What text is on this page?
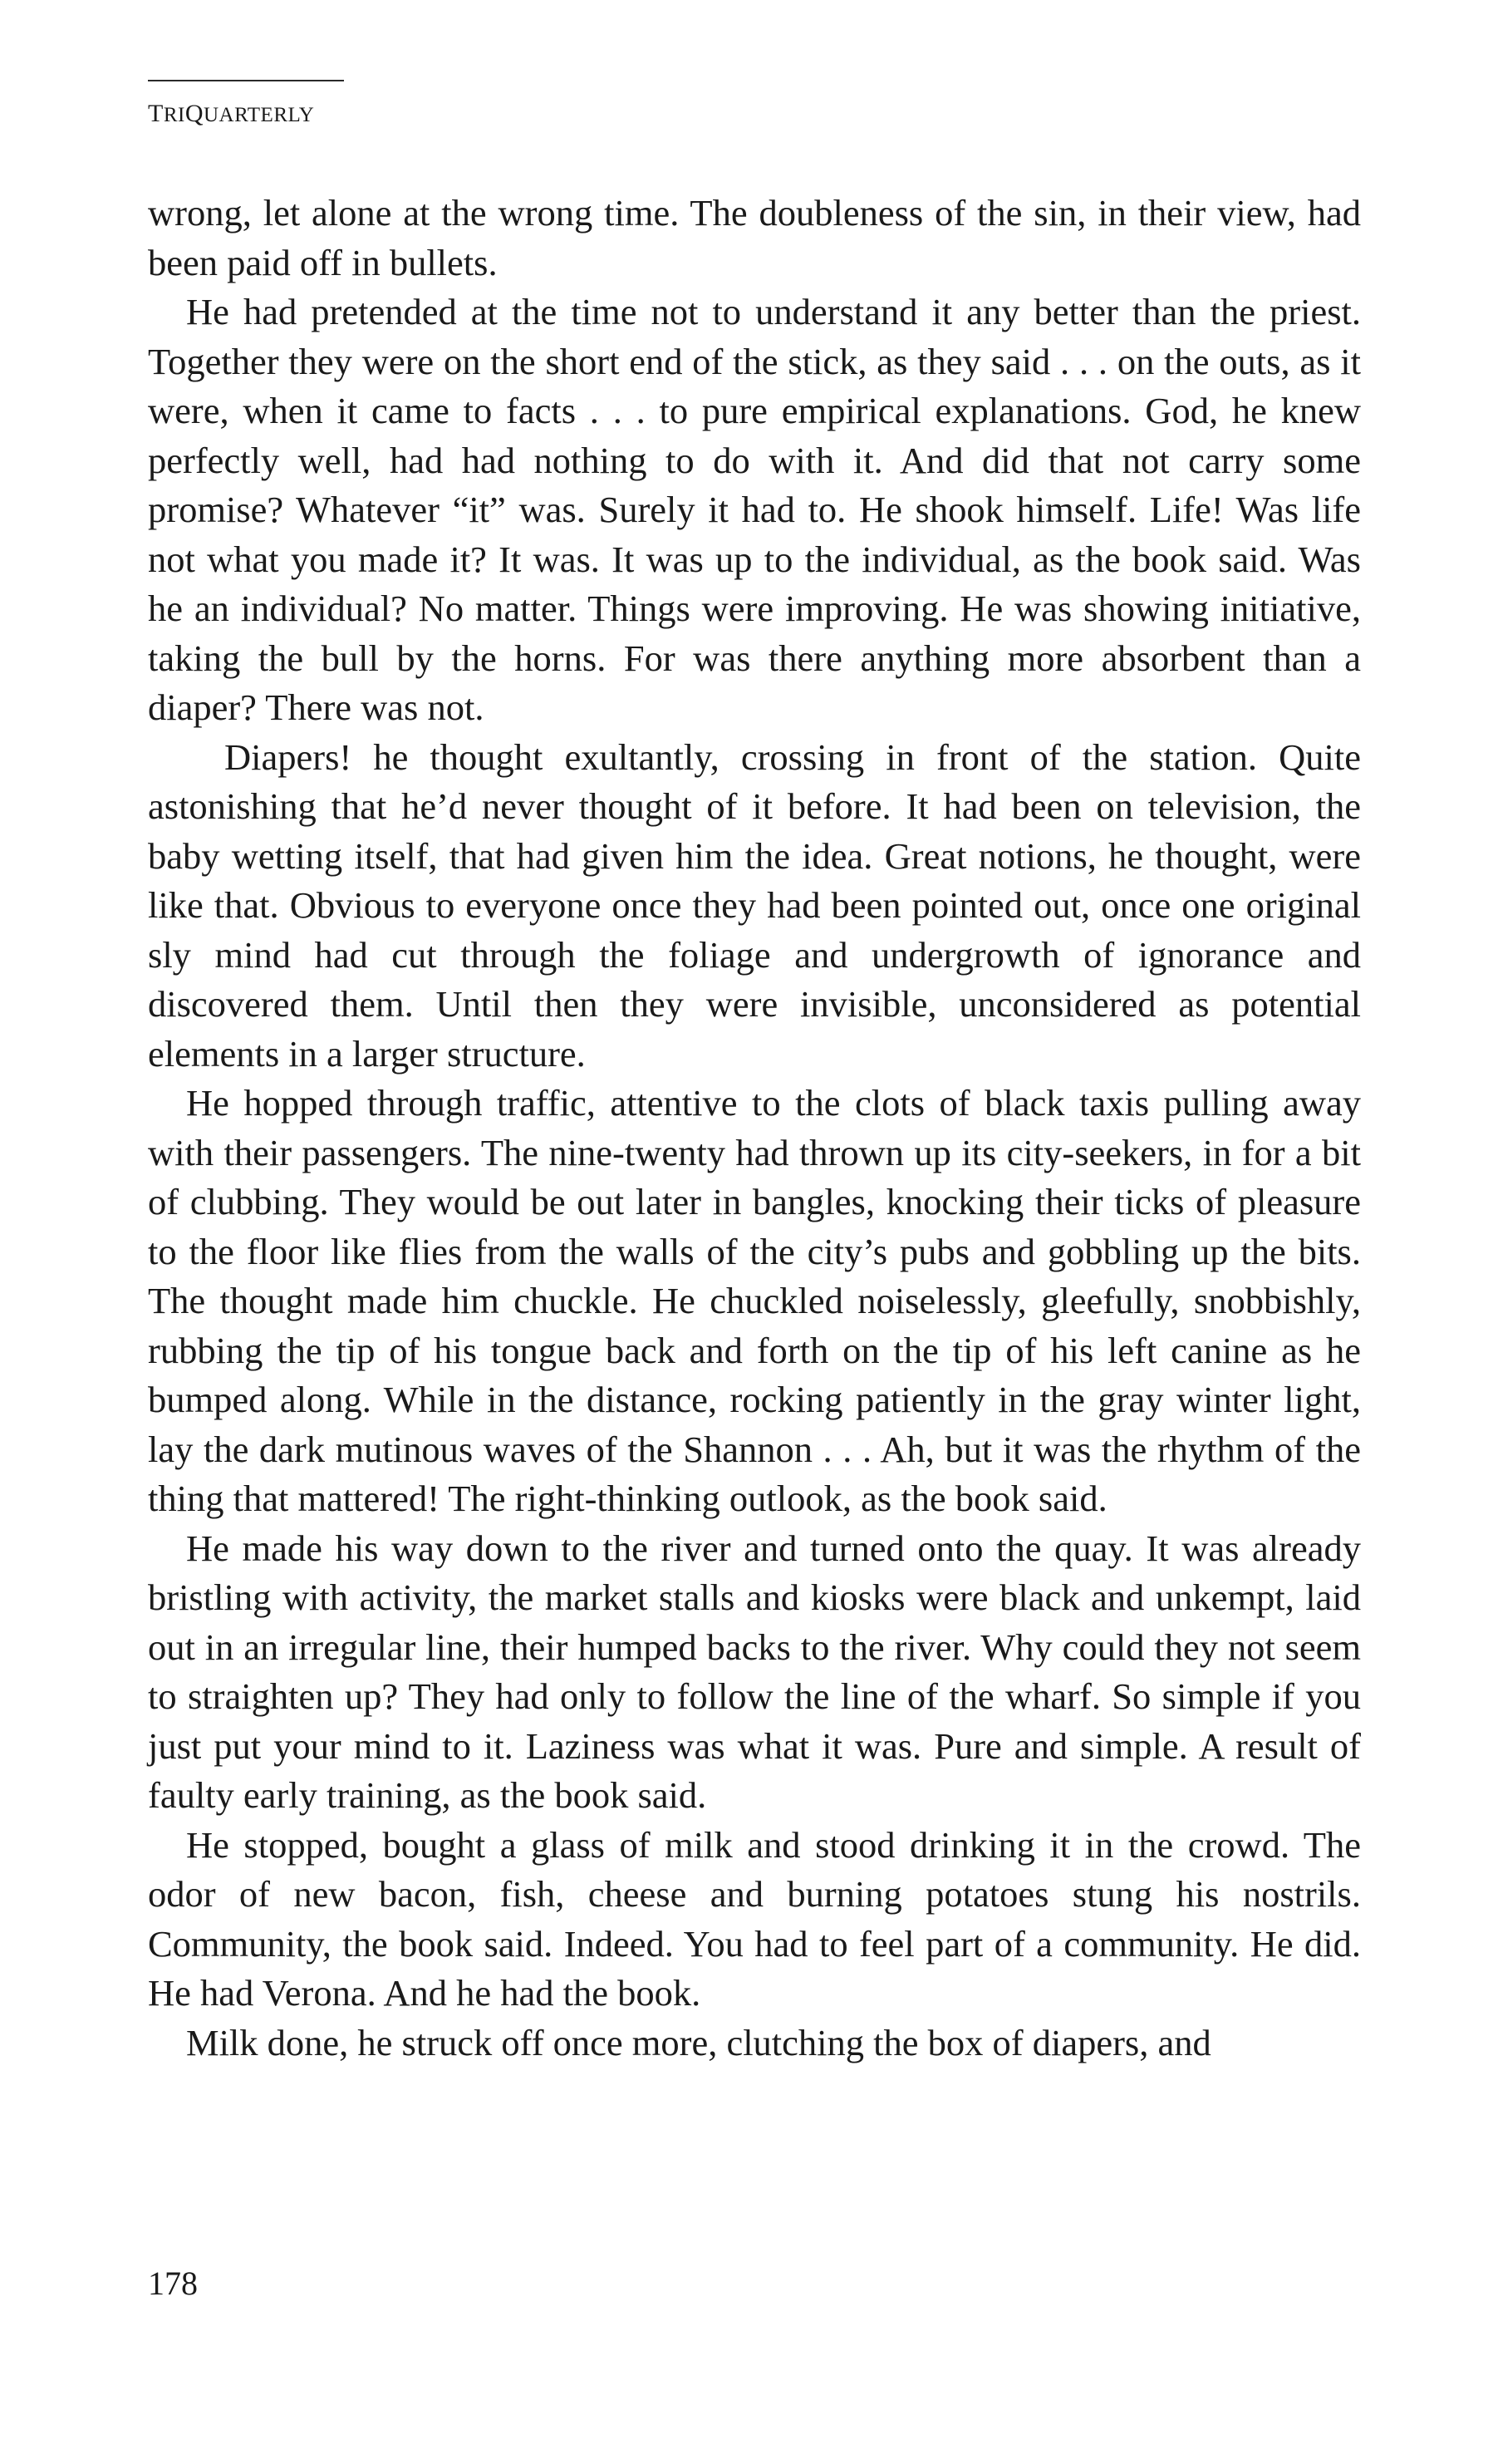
TRIQUARTERLY

wrong, let alone at the wrong time. The doubleness of the sin, in their view, had been paid off in bullets.

He had pretended at the time not to understand it any better than the priest. Together they were on the short end of the stick, as they said . . . on the outs, as it were, when it came to facts . . . to pure empirical explanations. God, he knew perfectly well, had had nothing to do with it. And did that not carry some promise? Whatever “it” was. Surely it had to. He shook himself. Life! Was life not what you made it? It was. It was up to the individual, as the book said. Was he an individual? No matter. Things were improving. He was showing initiative, taking the bull by the horns. For was there anything more absorbent than a diaper? There was not.

Diapers! he thought exultantly, crossing in front of the station. Quite astonishing that he’d never thought of it before. It had been on television, the baby wetting itself, that had given him the idea. Great notions, he thought, were like that. Obvious to everyone once they had been pointed out, once one original sly mind had cut through the foliage and undergrowth of ignorance and discovered them. Until then they were invisible, unconsidered as potential elements in a larger structure.

He hopped through traffic, attentive to the clots of black taxis pulling away with their passengers. The nine-twenty had thrown up its city-seekers, in for a bit of clubbing. They would be out later in bangles, knocking their ticks of pleasure to the floor like flies from the walls of the city’s pubs and gobbling up the bits. The thought made him chuckle. He chuckled noiselessly, gleefully, snobbishly, rubbing the tip of his tongue back and forth on the tip of his left canine as he bumped along. While in the distance, rocking patiently in the gray winter light, lay the dark mutinous waves of the Shannon . . . Ah, but it was the rhythm of the thing that mattered! The right-thinking outlook, as the book said.

He made his way down to the river and turned onto the quay. It was already bristling with activity, the market stalls and kiosks were black and unkempt, laid out in an irregular line, their humped backs to the river. Why could they not seem to straighten up? They had only to follow the line of the wharf. So simple if you just put your mind to it. Laziness was what it was. Pure and simple. A result of faulty early training, as the book said.

He stopped, bought a glass of milk and stood drinking it in the crowd. The odor of new bacon, fish, cheese and burning potatoes stung his nostrils. Community, the book said. Indeed. You had to feel part of a community. He did. He had Verona. And he had the book.

Milk done, he struck off once more, clutching the box of diapers, and

178
